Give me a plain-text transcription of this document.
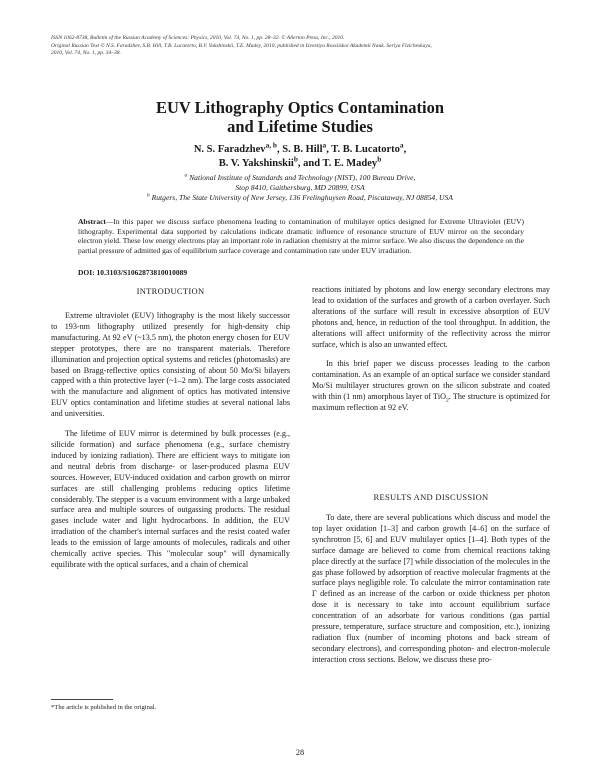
ISSN 1062-8738, Bulletin of the Russian Academy of Sciences: Physics, 2010, Vol. 74, No. 1, pp. 28–32. © Allerton Press, Inc., 2010.
Original Russian Text © N.S. Faradzhev, S.B. Hill, T.B. Lucatorto, B.V. Yakshinskii, T.E. Madey, 2010, published in Izvestiya Rossiiskoi Akademii Nauk. Seriya Fizicheskaya,
2010, Vol. 74, No. 1, pp. 34–38.
EUV Lithography Optics Contamination
and Lifetime Studies
N. S. Faradzhev$^{a, b}$, S. B. Hill$^a$, T. B. Lucatorto$^a$,
B. V. Yakshinskii$^b$, and T. E. Madey$^b$
$^a$ National Institute of Standards and Technology (NIST), 100 Bureau Drive,
Stop 8410, Gaithersburg, MD 20899, USA
$^b$ Rutgers, The State University of New Jersey, 136 Frelinghuysen Road, Piscataway, NJ 08854, USA
Abstract—In this paper we discuss surface phenomena leading to contamination of multilayer optics designed for Extreme Ultraviolet (EUV) lithography. Experimental data supported by calculations indicate dramatic influence of resonance structure of EUV mirror on the secondary electron yield. These low energy electrons play an important role in radiation chemistry at the mirror surface. We also discuss the dependence on the partial pressure of admitted gas of equilibrium surface coverage and contamination rate under EUV irradiation.
DOI: 10.3103/S1062873810010089
INTRODUCTION

Extreme ultraviolet (EUV) lithography is the most likely successor to 193-nm lithography utilized presently for high-density chip manufacturing. At 92 eV (~13.5 nm), the photon energy chosen for EUV stepper prototypes, there are no transparent materials. Therefore illumination and projection optical systems and reticles (photomasks) are based on Bragg-reflective optics consisting of about 50 Mo/Si bilayers capped with a thin protective layer (~1–2 nm). The large costs associated with the manufacture and alignment of optics has motivated intensive EUV optics contamination and lifetime studies at several national labs and universities.

The lifetime of EUV mirror is determined by bulk processes (e.g., silicide formation) and surface phenomena (e.g., surface chemistry induced by ionizing radiation). There are efficient ways to mitigate ion and neutral debris from discharge- or laser-produced plasma EUV sources. However, EUV-induced oxidation and carbon growth on mirror surfaces are still challenging problems reducing optics lifetime considerably. The stepper is a vacuum environment with a large unbaked surface area and multiple sources of outgassing products. The residual gases include water and light hydrocarbons. In addition, the EUV irradiation of the chamber's internal surfaces and the resist coated wafer leads to the emission of large amounts of molecules, radicals and other chemically active species. This "molecular soup" will dynamically equilibrate with the optical surfaces, and a chain of chemical

reactions initiated by photons and low energy secondary electrons may lead to oxidation of the surfaces and growth of a carbon overlayer. Such alterations of the surface will result in excessive absorption of EUV photons and, hence, in reduction of the tool throughput. In addition, the alterations will affect uniformity of the reflectivity across the mirror surface, which is also an unwanted effect.

In this brief paper we discuss processes leading to the carbon contamination. As an example of an optical surface we consider standard Mo/Si multilayer structures grown on the silicon substrate and coated with thin (1 nm) amorphous layer of TiO$_2$. The structure is optimized for maximum reflection at 92 eV.

RESULTS AND DISCUSSION

To date, there are several publications which discuss and model the top layer oxidation [1–3] and carbon growth [4–6] on the surface of synchrotron [5, 6] and EUV multilayer optics [1–4]. Both types of the surface damage are believed to come from chemical reactions taking place directly at the surface [7] while dissociation of the molecules in the gas phase followed by adsorption of reactive molecular fragments at the surface plays negligible role. To calculate the mirror contamination rate Γ defined as an increase of the carbon or oxide thickness per photon dose it is necessary to take into account equilibrium surface concentration of an adsorbate for various conditions (gas partial pressure, temperature, surface structure and composition, etc.), ionizing radiation flux (number of incoming photons and back stream of secondary electrons), and corresponding photon- and electron-molecule interaction cross sections. Below, we discuss these pro-

*The article is published in the original.
28
